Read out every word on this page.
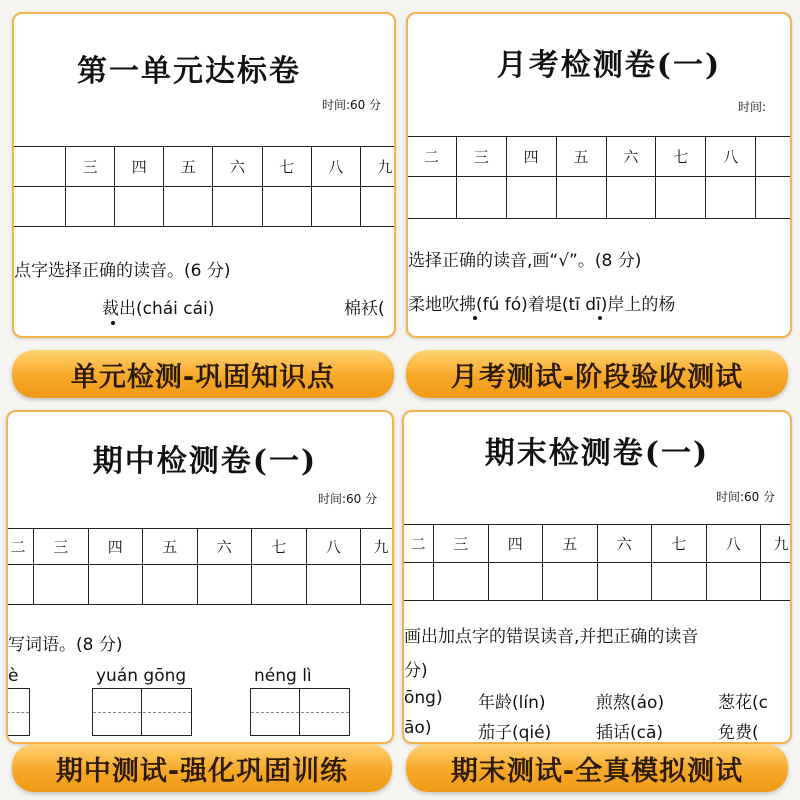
第一单元达标卷
时间:60 分
	三	四	五	六	七	八	九

点字选择正确的读音。(6 分)
裁出(chái cái)	棉袄(
单元检测-巩固知识点
月考检测卷(一)
时间:
二	三	四	五	六	七	八	

选择正确的读音,画“√”。(8 分)
柔地吹拂(fú fó)着堤(tī dī)岸上的杨
月考测试-阶段验收测试
期中检测卷(一)
时间:60 分
二	三	四	五	六	七	八	九

写词语。(8 分)
è	yuán gōng	néng lì
期中测试-强化巩固训练
期末检测卷(一)
时间:60 分
二	三	四	五	六	七	八	九

画出加点字的错误读音,并把正确的读音
分)
ōng) 年龄(lín)	煎熬(áo)	葱花(c
āo)	茄子(qié)	插话(cā)	免费(
期末测试-全真模拟测试
